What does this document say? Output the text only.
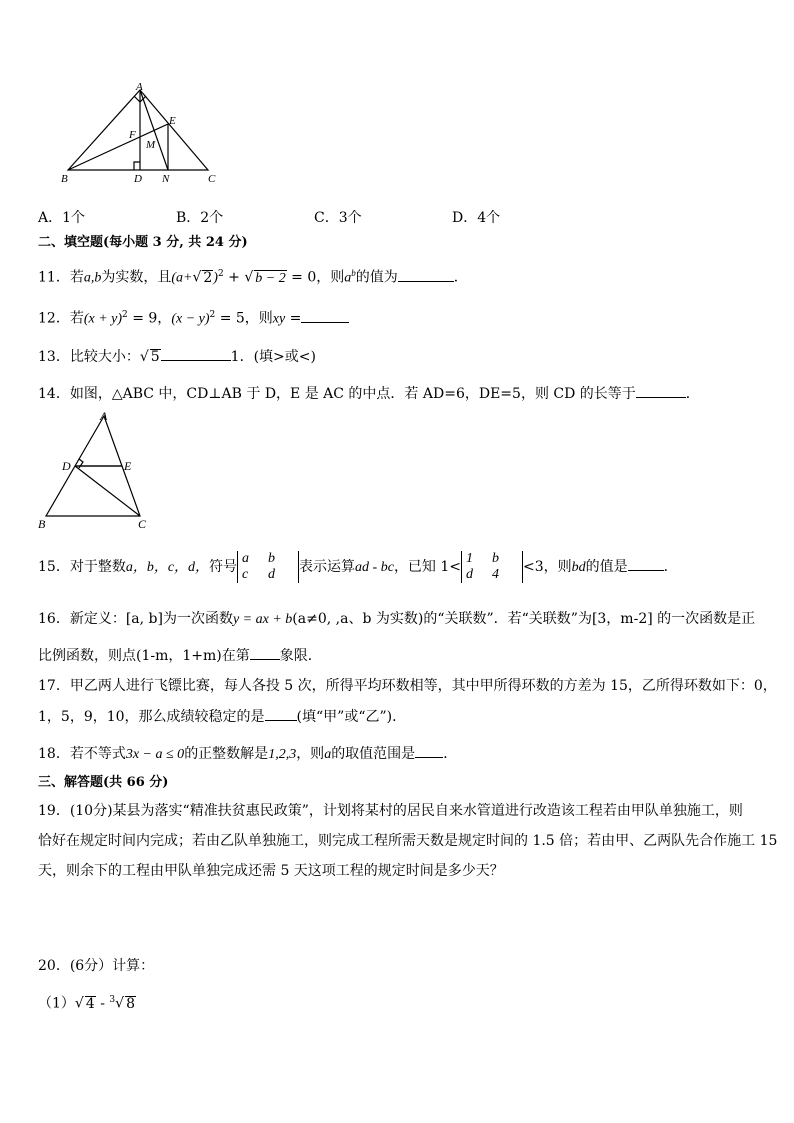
A
B	C
D N
E
F
M
A．1个	B．2个	C．3个	D．4个
二、填空题(每小题 3 分, 共 24 分)
11．若a,b为实数，且(a+√ 2)$^2$ + √ b − 2 = 0，则$a^b$的值为	．
12．若$(x + y)^2 = 9$，$(x - y)^2 = 5$，则xy =
13．比较大小：√ 5	1．(填>或<)
14．如图，△ABC 中，CD⊥AB 于 D，E 是 AC 的中点．若 AD=6，DE=5，则 CD 的长等于	．
A
B	C
D	E
15．对于整数a，b，c，d，符号a b
c d 表示运算ad - bc，已知 1<1 b
d 4 <3，则bd的值是	．
16．新定义：[a, b]为一次函数y = ax + b(a≠0, ,a、b 为实数)的“关联数”．若“关联数”为[3，m-2] 的一次函数是正
比例函数，则点(1-m，1+m)在第 象限．
17．甲乙两人进行飞镖比赛，每人各投 5 次，所得平均环数相等，其中甲所得环数的方差为 15，乙所得环数如下：0，
1，5，9，10，那么成绩较稳定的是 (填“甲”或“乙”)．
18．若不等式3x − a ≤ 0的正整数解是1,2,3，则a的取值范围是 ．
三、解答题(共 66 分)
19．(10分)某县为落实“精准扶贫惠民政策”，计划将某村的居民自来水管道进行改造该工程若由甲队单独施工，则
恰好在规定时间内完成；若由乙队单独施工，则完成工程所需天数是规定时间的 1.5 倍；若由甲、乙两队先合作施工 15
天，则余下的工程由甲队单独完成还需 5 天这项工程的规定时间是多少天？
20．(6分）计算：
（1）√ 4 - $^3$√ 8
